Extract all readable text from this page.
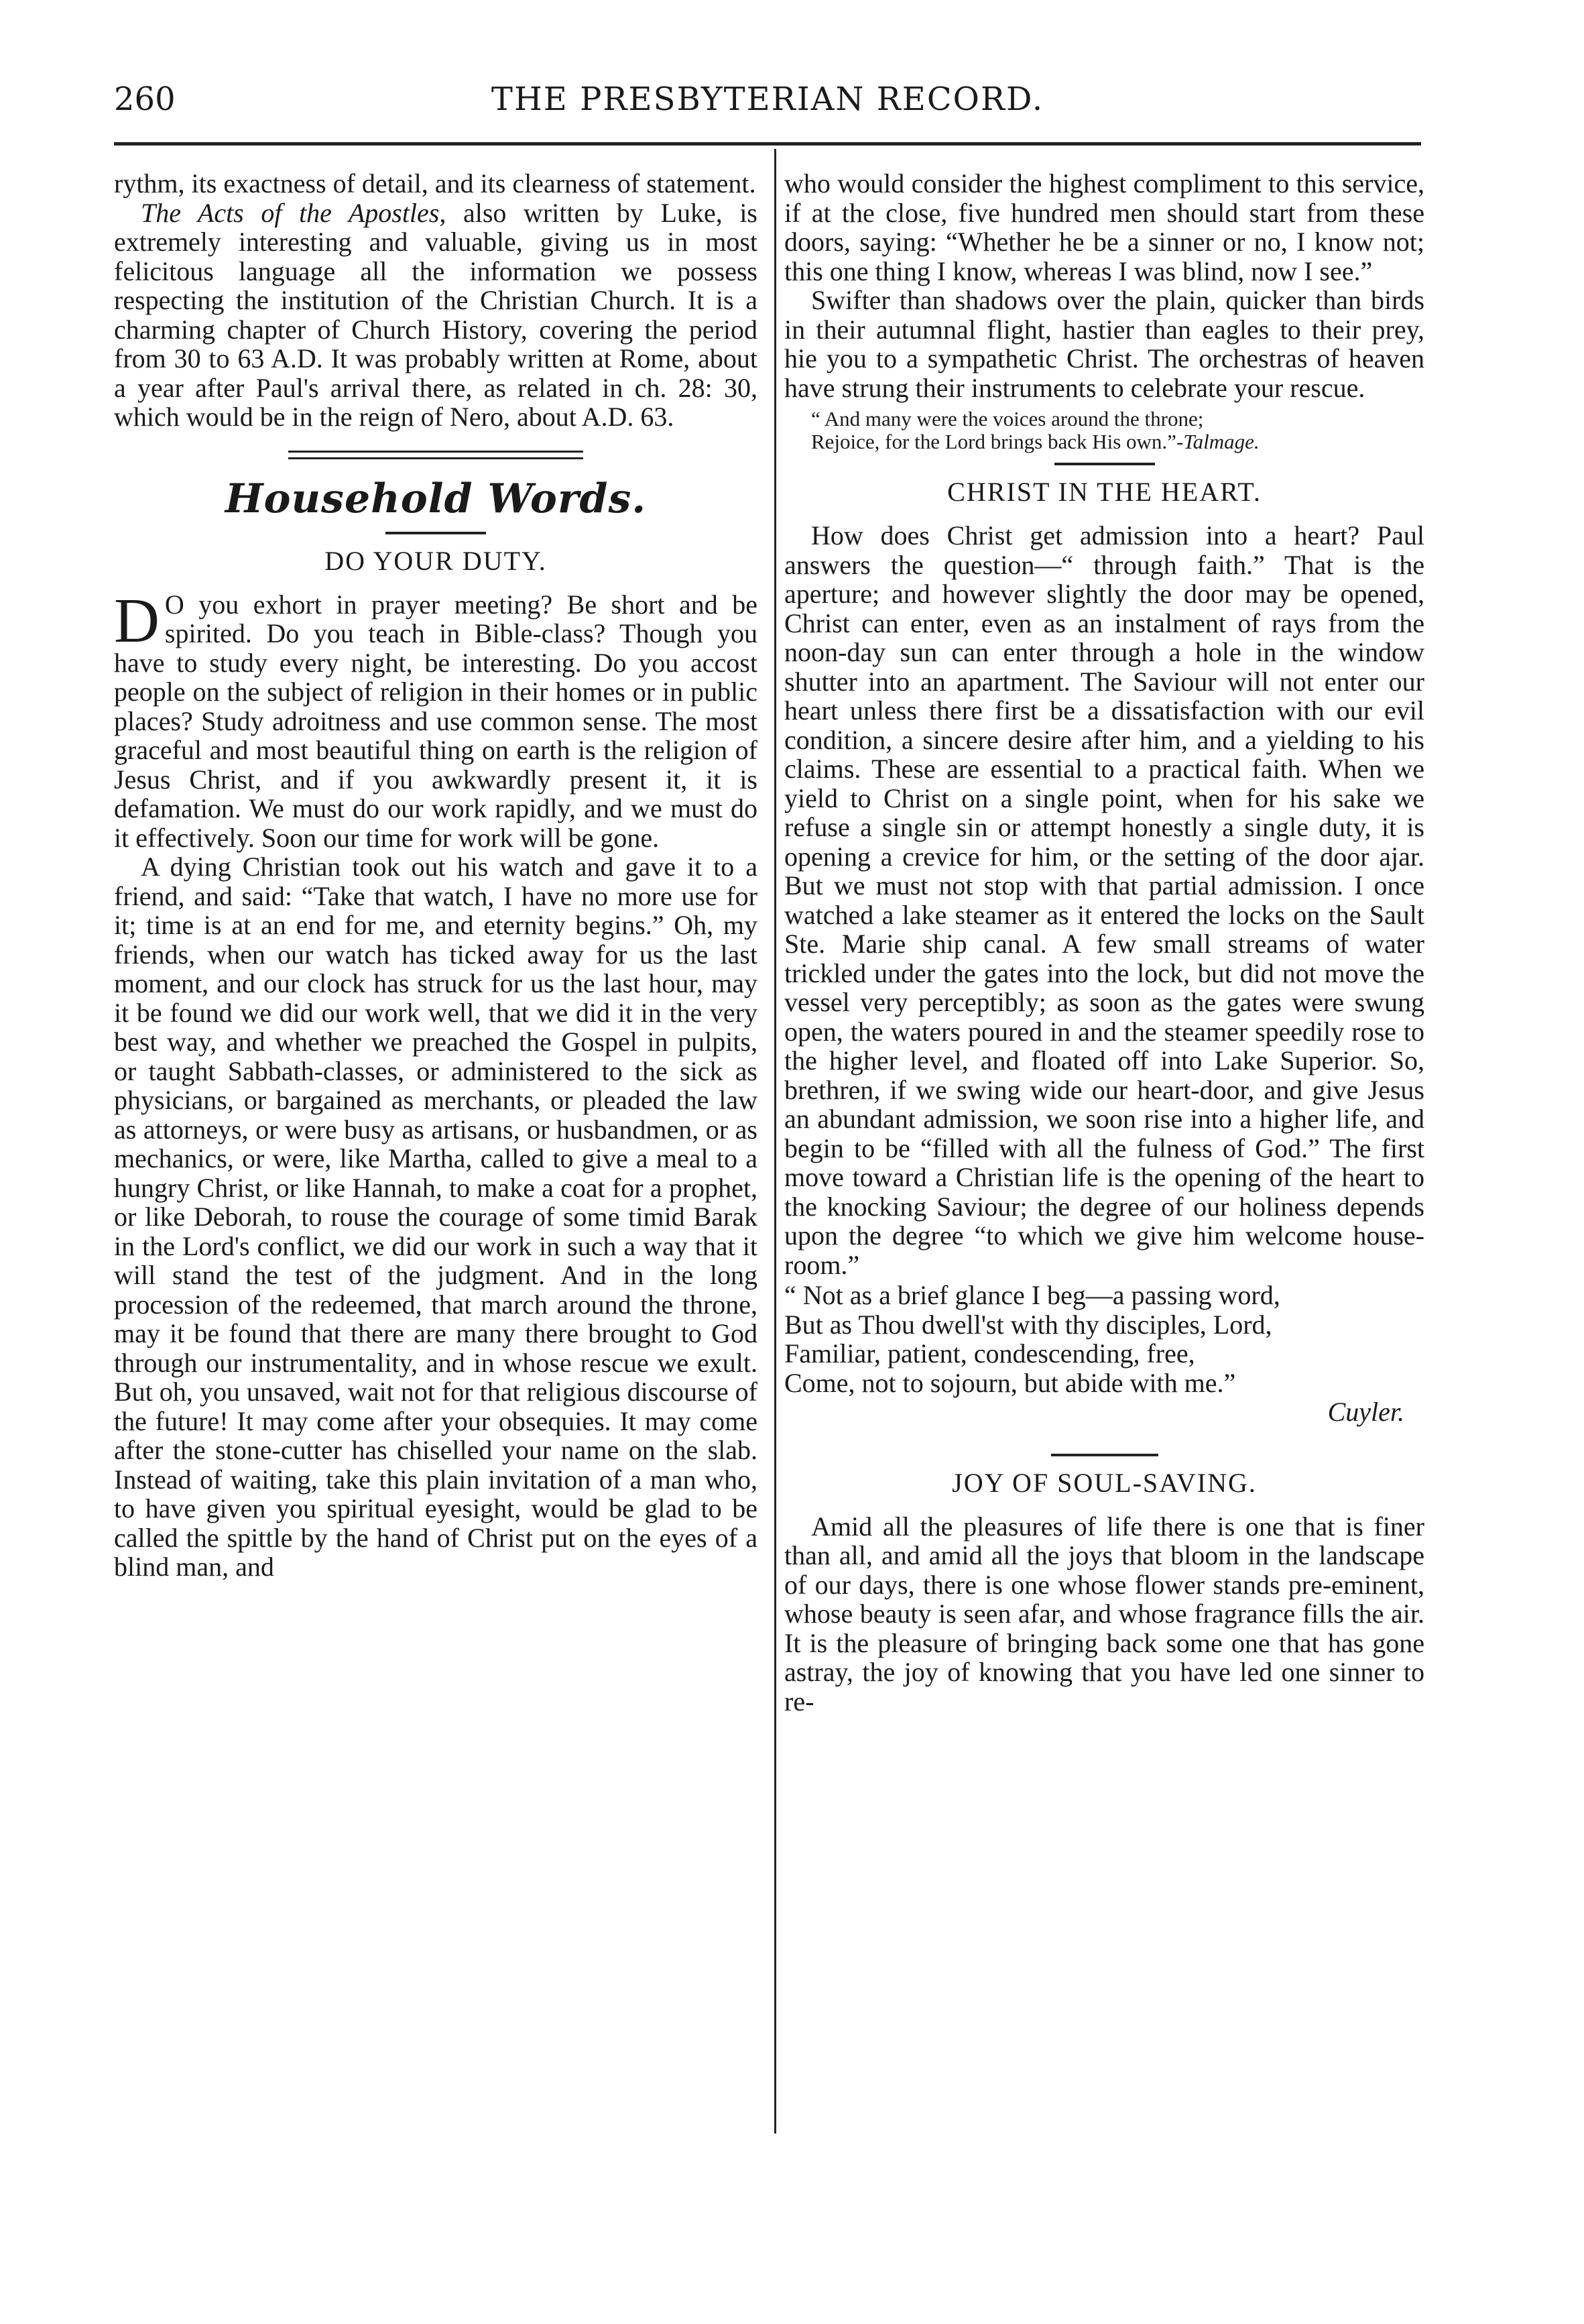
260	THE PRESBYTERIAN RECORD.

rythm, its exactness of detail, and its clearness of statement.

The Acts of the Apostles, also written by Luke, is extremely interesting and valuable, giving us in most felicitous language all the information we possess respecting the institution of the Christian Church. It is a charming chapter of Church History, covering the period from 30 to 63 A.D. It was probably written at Rome, about a year after Paul's arrival there, as related in ch. 28: 30, which would be in the reign of Nero, about A.D. 63.

Household Words.
DO YOUR DUTY.

D O you exhort in prayer meeting? Be short and be spirited. Do you teach in Bible-class? Though you have to study every night, be interesting. Do you accost people on the subject of religion in their homes or in public places? Study adroitness and use common sense. The most graceful and most beautiful thing on earth is the religion of Jesus Christ, and if you awkwardly present it, it is defamation. We must do our work rapidly, and we must do it effectively. Soon our time for work will be gone.

A dying Christian took out his watch and gave it to a friend, and said: “Take that watch, I have no more use for it; time is at an end for me, and eternity begins.” Oh, my friends, when our watch has ticked away for us the last moment, and our clock has struck for us the last hour, may it be found we did our work well, that we did it in the very best way, and whether we preached the Gospel in pulpits, or taught Sabbath-classes, or administered to the sick as physicians, or bargained as merchants, or pleaded the law as attorneys, or were busy as artisans, or husbandmen, or as mechanics, or were, like Martha, called to give a meal to a hungry Christ, or like Hannah, to make a coat for a prophet, or like Deborah, to rouse the courage of some timid Barak in the Lord's conflict, we did our work in such a way that it will stand the test of the judgment. And in the long procession of the redeemed, that march around the throne, may it be found that there are many there brought to God through our instrumentality, and in whose rescue we exult. But oh, you unsaved, wait not for that religious discourse of the future! It may come after your obsequies. It may come after the stone-cutter has chiselled your name on the slab. Instead of waiting, take this plain invitation of a man who, to have given you spiritual eyesight, would be glad to be called the spittle by the hand of Christ put on the eyes of a blind man, and

who would consider the highest compliment to this service, if at the close, five hundred men should start from these doors, saying: “Whether he be a sinner or no, I know not; this one thing I know, whereas I was blind, now I see.”

Swifter than shadows over the plain, quicker than birds in their autumnal flight, hastier than eagles to their prey, hie you to a sympathetic Christ. The orchestras of heaven have strung their instruments to celebrate your rescue.

“ And many were the voices around the throne;
Rejoice, for the Lord brings back His own.”-Talmage.
CHRIST IN THE HEART.

How does Christ get admission into a heart? Paul answers the question—“ through faith.” That is the aperture; and however slightly the door may be opened, Christ can enter, even as an instalment of rays from the noon-day sun can enter through a hole in the window shutter into an apartment. The Saviour will not enter our heart unless there first be a dissatisfaction with our evil condition, a sincere desire after him, and a yielding to his claims. These are essential to a practical faith. When we yield to Christ on a single point, when for his sake we refuse a single sin or attempt honestly a single duty, it is opening a crevice for him, or the setting of the door ajar. But we must not stop with that partial admission. I once watched a lake steamer as it entered the locks on the Sault Ste. Marie ship canal. A few small streams of water trickled under the gates into the lock, but did not move the vessel very perceptibly; as soon as the gates were swung open, the waters poured in and the steamer speedily rose to the higher level, and floated off into Lake Superior. So, brethren, if we swing wide our heart-door, and give Jesus an abundant admission, we soon rise into a higher life, and begin to be “filled with all the fulness of God.” The first move toward a Christian life is the opening of the heart to the knocking Saviour; the degree of our holiness depends upon the degree “to which we give him welcome house-room.”

“ Not as a brief glance I beg—a passing word,
But as Thou dwell'st with thy disciples, Lord,
Familiar, patient, condescending, free,
Come, not to sojourn, but abide with me.”
Cuyler.
JOY OF SOUL-SAVING.

Amid all the pleasures of life there is one that is finer than all, and amid all the joys that bloom in the landscape of our days, there is one whose flower stands pre-eminent, whose beauty is seen afar, and whose fragrance fills the air. It is the pleasure of bringing back some one that has gone astray, the joy of knowing that you have led one sinner to re-
